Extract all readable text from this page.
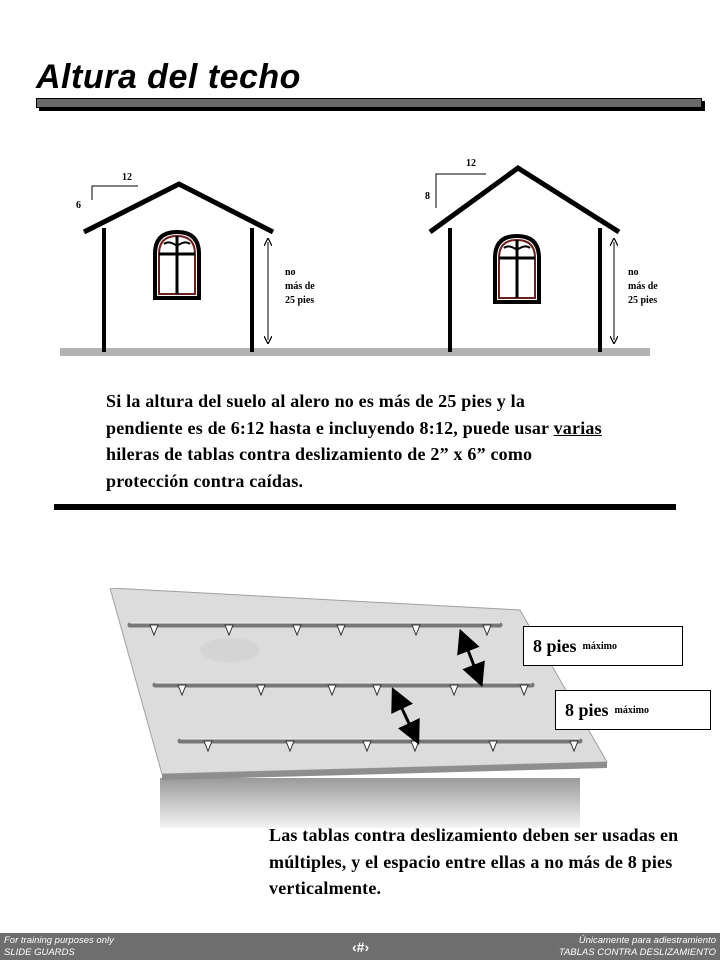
Altura del techo
12
6
no
más de
25 pies
12
8
no
más de
25 pies
Si la altura del suelo al alero no es más de 25 pies y la pendiente es de 6:12 hasta e incluyendo 8:12, puede usar varias hileras de tablas contra deslizamiento de 2” x 6” como protección contra caídas.
8 pies máximo
8 pies máximo
Las tablas contra deslizamiento deben ser usadas en múltiples, y el espacio entre ellas a no más de 8 pies verticalmente.
For training purposes only
SLIDE GUARDS	‹#›	Únicamente para adiestramiento
TABLAS CONTRA DESLIZAMIENTO
